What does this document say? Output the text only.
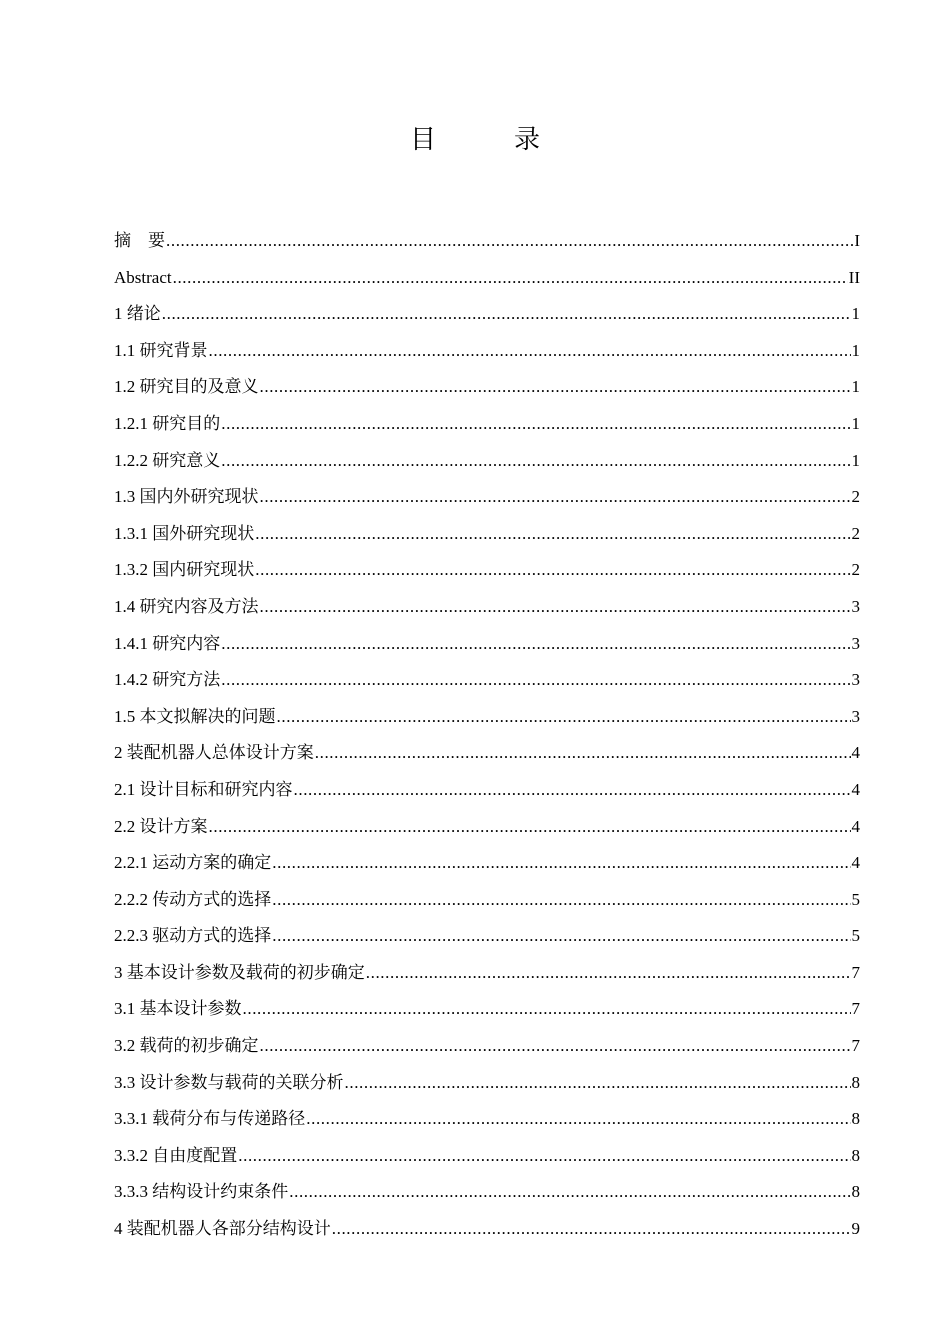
目　录
摘　要 .....	I
Abstract .....	II
1 绪论 .....	1
1.1 研究背景 .....	1
1.2 研究目的及意义 .....	1
1.2.1 研究目的 .....	1
1.2.2 研究意义 .....	1
1.3 国内外研究现状 .....	2
1.3.1 国外研究现状 .....	2
1.3.2 国内研究现状 .....	2
1.4 研究内容及方法 .....	3
1.4.1 研究内容 .....	3
1.4.2 研究方法 .....	3
1.5 本文拟解决的问题 .....	3
2 装配机器人总体设计方案 .....	4
2.1 设计目标和研究内容 .....	4
2.2 设计方案 .....	4
2.2.1 运动方案的确定 .....	4
2.2.2 传动方式的选择 .....	5
2.2.3 驱动方式的选择 .....	5
3 基本设计参数及载荷的初步确定 .....	7
3.1 基本设计参数 .....	7
3.2 载荷的初步确定 .....	7
3.3 设计参数与载荷的关联分析 .....	8
3.3.1 载荷分布与传递路径 .....	8
3.3.2 自由度配置 .....	8
3.3.3 结构设计约束条件 .....	8
4 装配机器人各部分结构设计 .....	9
